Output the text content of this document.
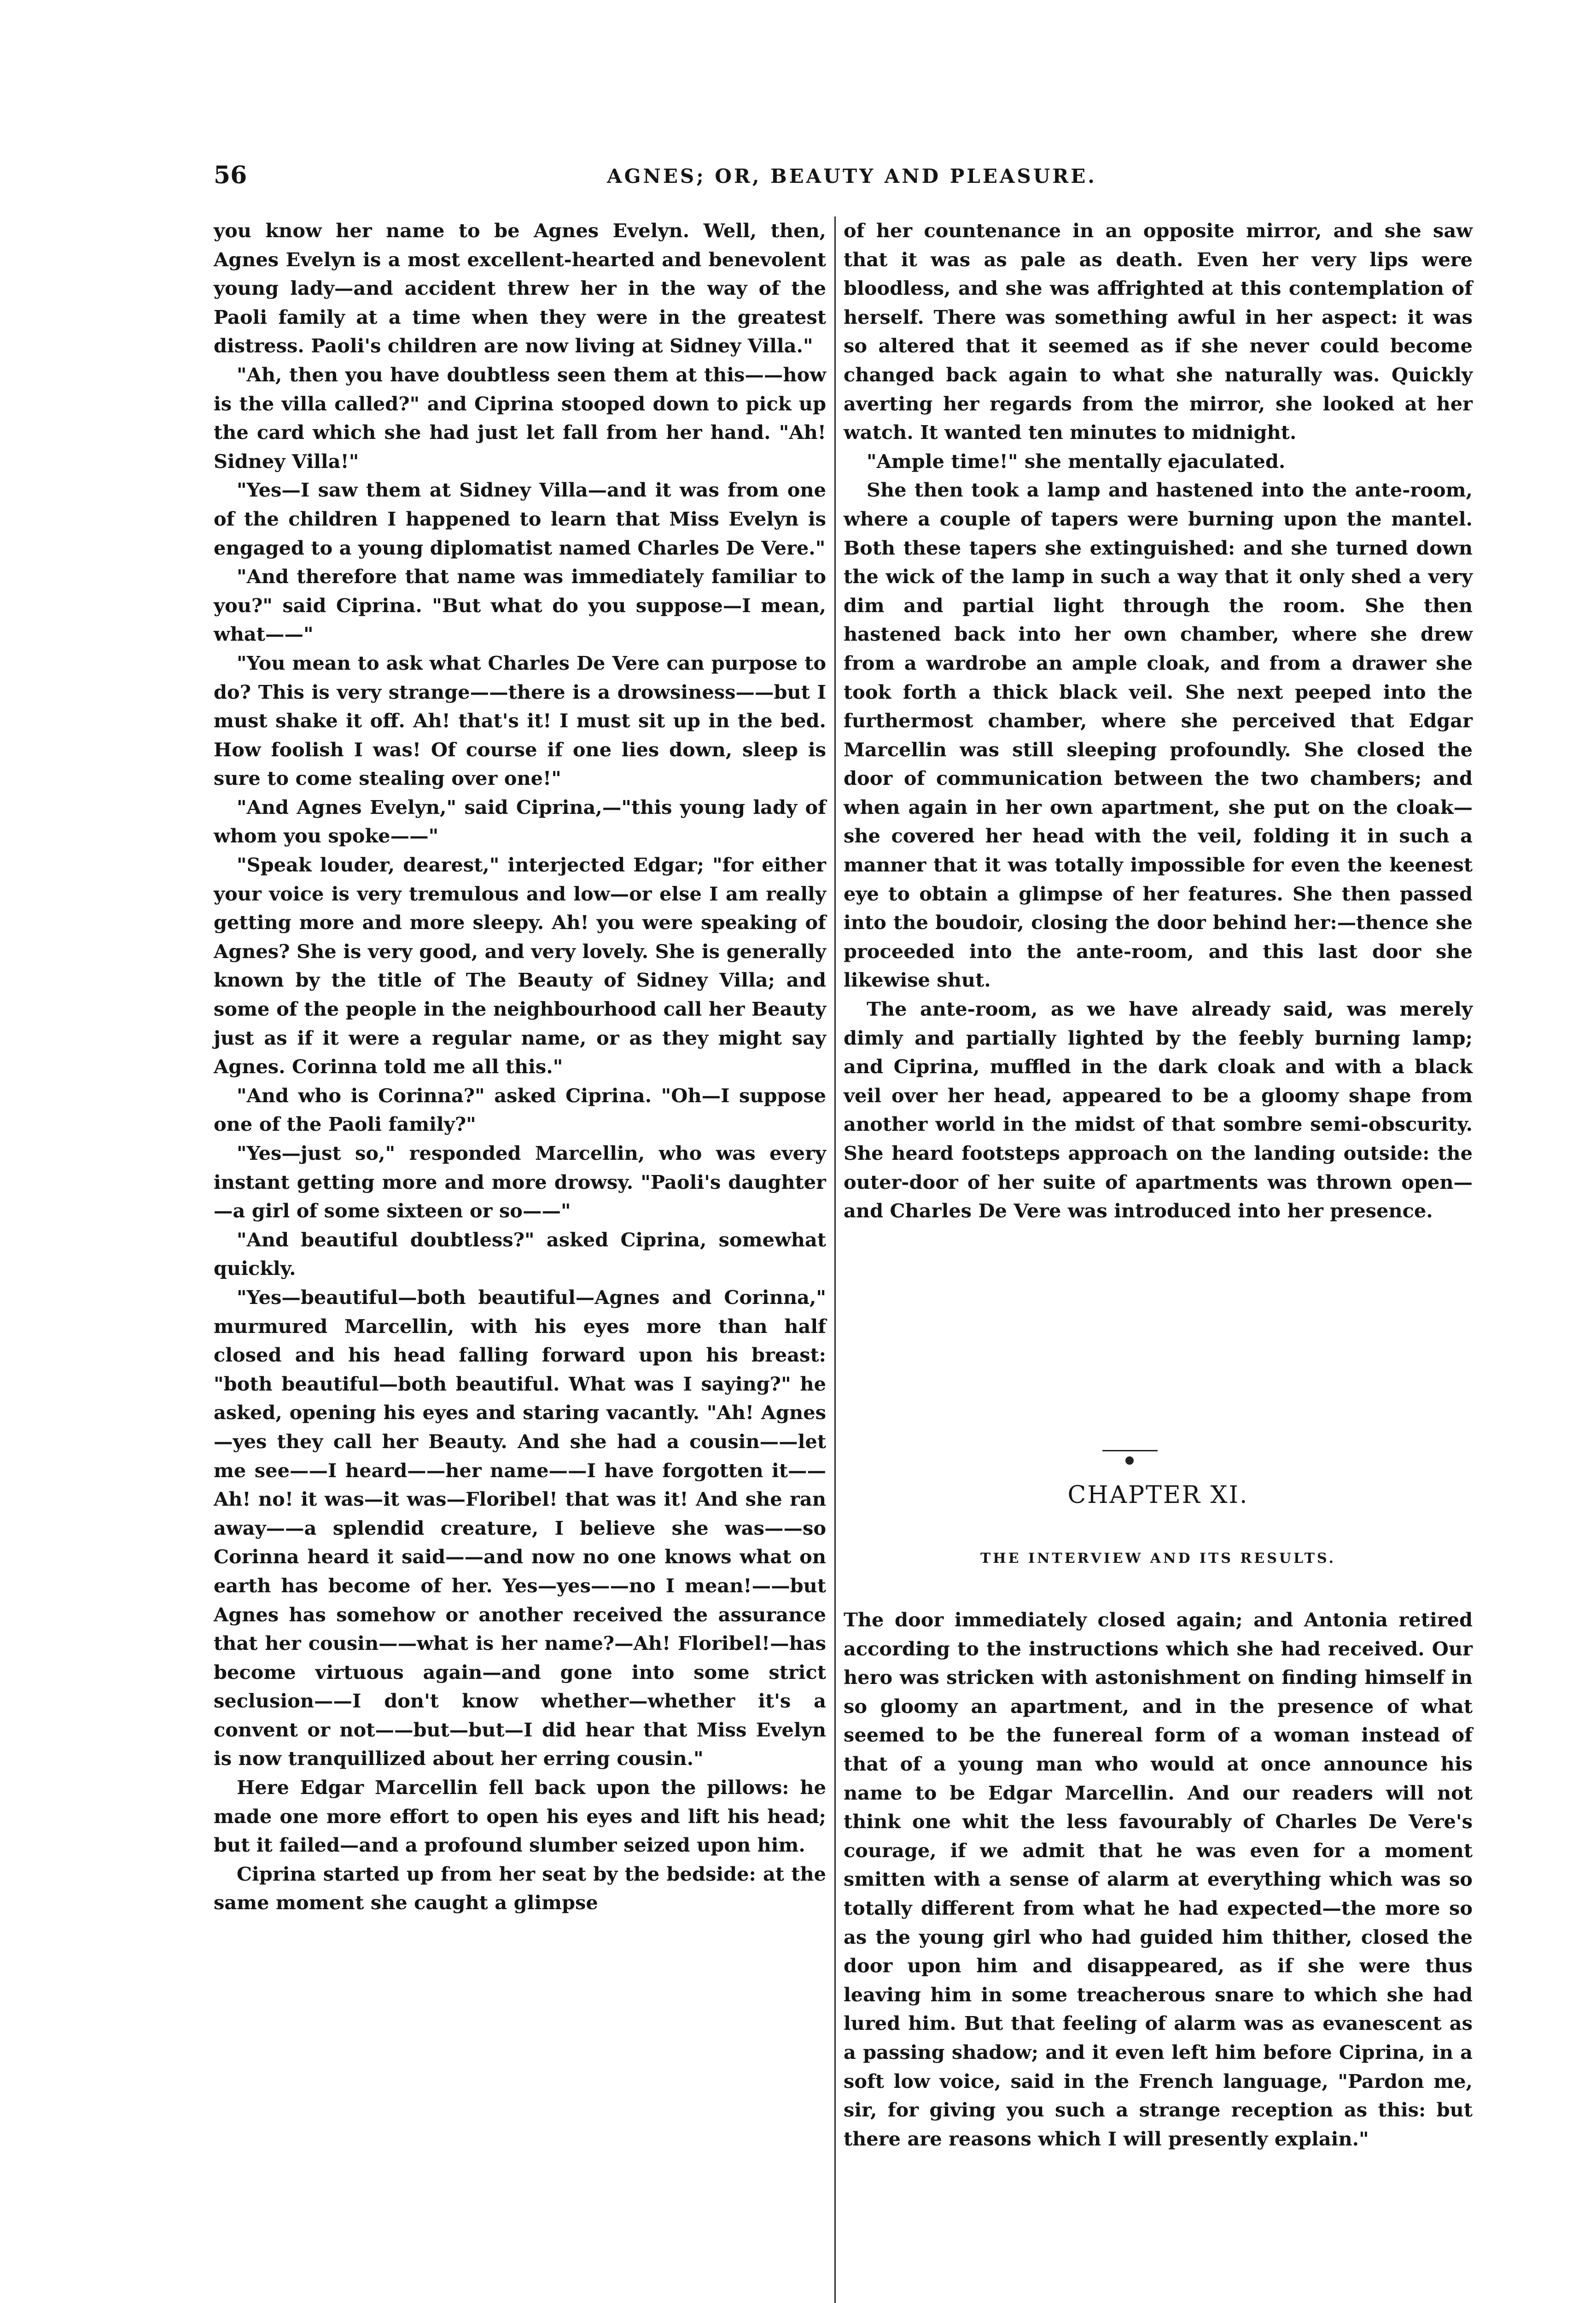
56	AGNES; OR, BEAUTY AND PLEASURE.

you know her name to be Agnes Evelyn. Well, then, Agnes Evelyn is a most excellent-hearted and benevolent young lady—and accident threw her in the way of the Paoli family at a time when they were in the greatest distress. Paoli's children are now living at Sidney Villa."

"Ah, then you have doubtless seen them at this——how is the villa called?" and Ciprina stooped down to pick up the card which she had just let fall from her hand. "Ah! Sidney Villa!"

"Yes—I saw them at Sidney Villa—and it was from one of the children I happened to learn that Miss Evelyn is engaged to a young diplomatist named Charles De Vere."

"And therefore that name was immediately familiar to you?" said Ciprina. "But what do you suppose—I mean, what——"

"You mean to ask what Charles De Vere can purpose to do? This is very strange——there is a drowsiness——but I must shake it off. Ah! that's it! I must sit up in the bed. How foolish I was! Of course if one lies down, sleep is sure to come stealing over one!"

"And Agnes Evelyn," said Ciprina,—"this young lady of whom you spoke——"

"Speak louder, dearest," interjected Edgar; "for either your voice is very tremulous and low—or else I am really getting more and more sleepy. Ah! you were speaking of Agnes? She is very good, and very lovely. She is generally known by the title of The Beauty of Sidney Villa; and some of the people in the neighbourhood call her Beauty just as if it were a regular name, or as they might say Agnes. Corinna told me all this."

"And who is Corinna?" asked Ciprina. "Oh—I suppose one of the Paoli family?"

"Yes—just so," responded Marcellin, who was every instant getting more and more drowsy. "Paoli's daughter—a girl of some sixteen or so——"

"And beautiful doubtless?" asked Ciprina, somewhat quickly.

"Yes—beautiful—both beautiful—Agnes and Corinna," murmured Marcellin, with his eyes more than half closed and his head falling forward upon his breast: "both beautiful—both beautiful. What was I saying?" he asked, opening his eyes and staring vacantly. "Ah! Agnes—yes they call her Beauty. And she had a cousin——let me see——I heard——her name——I have forgotten it——Ah! no! it was—it was—Floribel! that was it! And she ran away——a splendid creature, I believe she was——so Corinna heard it said——and now no one knows what on earth has become of her. Yes—yes——no I mean!——but Agnes has somehow or another received the assurance that her cousin——what is her name?—Ah! Floribel!—has become virtuous again—and gone into some strict seclusion——I don't know whether—whether it's a convent or not——but—but—I did hear that Miss Evelyn is now tranquillized about her erring cousin."

Here Edgar Marcellin fell back upon the pillows: he made one more effort to open his eyes and lift his head; but it failed—and a profound slumber seized upon him.

Ciprina started up from her seat by the bedside: at the same moment she caught a glimpse

of her countenance in an opposite mirror, and she saw that it was as pale as death. Even her very lips were bloodless, and she was affrighted at this contemplation of herself. There was something awful in her aspect: it was so altered that it seemed as if she never could become changed back again to what she naturally was. Quickly averting her regards from the mirror, she looked at her watch. It wanted ten minutes to midnight.

"Ample time!" she mentally ejaculated.

She then took a lamp and hastened into the ante-room, where a couple of tapers were burning upon the mantel. Both these tapers she extinguished: and she turned down the wick of the lamp in such a way that it only shed a very dim and partial light through the room. She then hastened back into her own chamber, where she drew from a wardrobe an ample cloak, and from a drawer she took forth a thick black veil. She next peeped into the furthermost chamber, where she perceived that Edgar Marcellin was still sleeping profoundly. She closed the door of communication between the two chambers; and when again in her own apartment, she put on the cloak—she covered her head with the veil, folding it in such a manner that it was totally impossible for even the keenest eye to obtain a glimpse of her features. She then passed into the boudoir, closing the door behind her:—thence she proceeded into the ante-room, and this last door she likewise shut.

The ante-room, as we have already said, was merely dimly and partially lighted by the feebly burning lamp; and Ciprina, muffled in the dark cloak and with a black veil over her head, appeared to be a gloomy shape from another world in the midst of that sombre semi-obscurity. She heard footsteps approach on the landing outside: the outer-door of her suite of apartments was thrown open—and Charles De Vere was introduced into her presence.

CHAPTER XI.
THE INTERVIEW AND ITS RESULTS.

The door immediately closed again; and Antonia retired according to the instructions which she had received. Our hero was stricken with astonishment on finding himself in so gloomy an apartment, and in the presence of what seemed to be the funereal form of a woman instead of that of a young man who would at once announce his name to be Edgar Marcellin. And our readers will not think one whit the less favourably of Charles De Vere's courage, if we admit that he was even for a moment smitten with a sense of alarm at everything which was so totally different from what he had expected—the more so as the young girl who had guided him thither, closed the door upon him and disappeared, as if she were thus leaving him in some treacherous snare to which she had lured him. But that feeling of alarm was as evanescent as a passing shadow; and it even left him before Ciprina, in a soft low voice, said in the French language, "Pardon me, sir, for giving you such a strange reception as this: but there are reasons which I will presently explain."
